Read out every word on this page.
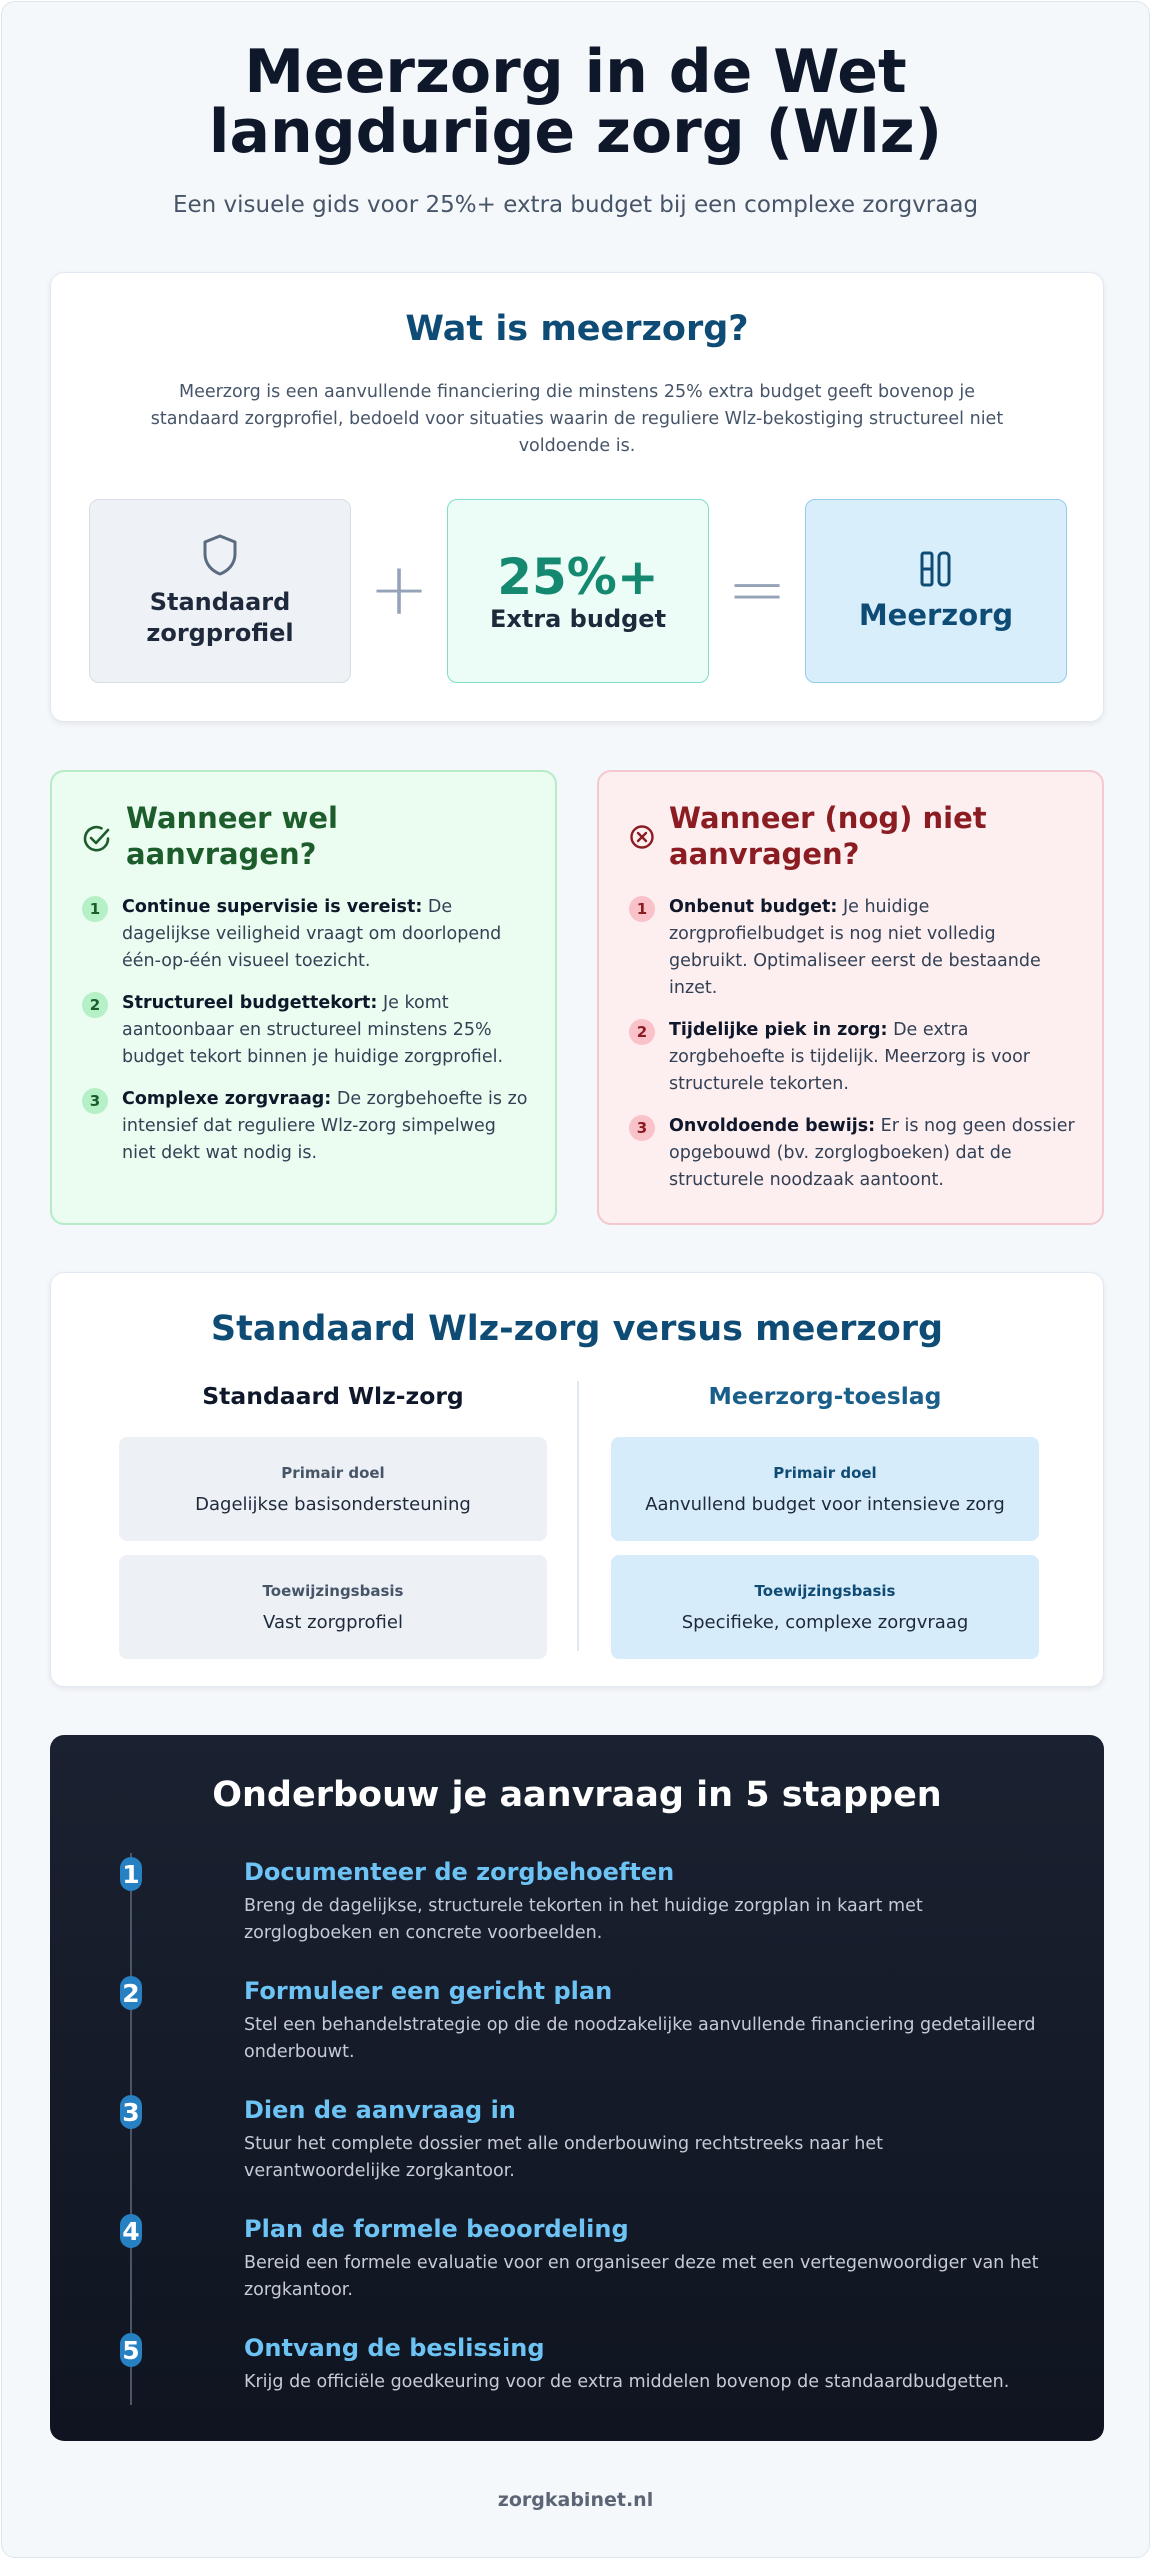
Meerzorg in de Wet langdurige zorg (Wlz)

Een visuele gids voor 25%+ extra budget bij een complexe zorgvraag

Wat is meerzorg?

Meerzorg is een aanvullende financiering die minstens 25% extra budget geeft bovenop je standaard zorgprofiel, bedoeld voor situaties waarin de reguliere Wlz-bekostiging structureel niet voldoende is.

Standaard zorgprofiel
+	25%+
Extra budget =	Meerzorg
Wanneer wel aanvragen?
1	Continue supervisie is vereist: De dagelijkse veiligheid vraagt om doorlopend één-op-één visueel toezicht.

2	Structureel budgettekort: Je komt aantoonbaar en structureel minstens 25% budget tekort binnen je huidige zorgprofiel.

3	Complexe zorgvraag: De zorgbehoefte is zo intensief dat reguliere Wlz-zorg simpelweg niet dekt wat nodig is.

Wanneer (nog) niet aanvragen?
1	Onbenut budget: Je huidige zorgprofielbudget is nog niet volledig gebruikt. Optimaliseer eerst de bestaande inzet.

2	Tijdelijke piek in zorg: De extra zorgbehoefte is tijdelijk. Meerzorg is voor structurele tekorten.

3	Onvoldoende bewijs: Er is nog geen dossier opgebouwd (bv. zorglogboeken) dat de structurele noodzaak aantoont.

Standaard Wlz-zorg versus meerzorg
Standaard Wlz-zorg
Primair doel
Dagelijkse basisondersteuning
Toewijzingsbasis
Vast zorgprofiel
Meerzorg-toeslag
Primair doel
Aanvullend budget voor intensieve zorg
Toewijzingsbasis
Specifieke, complexe zorgvraag
Onderbouw je aanvraag in 5 stappen
1	Documenteer de zorgbehoeften
Breng de dagelijkse, structurele tekorten in het huidige zorgplan in kaart met zorglogboeken en concrete voorbeelden.
2	Formuleer een gericht plan
Stel een behandelstrategie op die de noodzakelijke aanvullende financiering gedetailleerd onderbouwt.
3	Dien de aanvraag in
Stuur het complete dossier met alle onderbouwing rechtstreeks naar het verantwoordelijke zorgkantoor.
4	Plan de formele beoordeling
Bereid een formele evaluatie voor en organiseer deze met een vertegenwoordiger van het zorgkantoor.
5	Ontvang de beslissing
Krijg de officiële goedkeuring voor de extra middelen bovenop de standaardbudgetten.
zorgkabinet.nl
